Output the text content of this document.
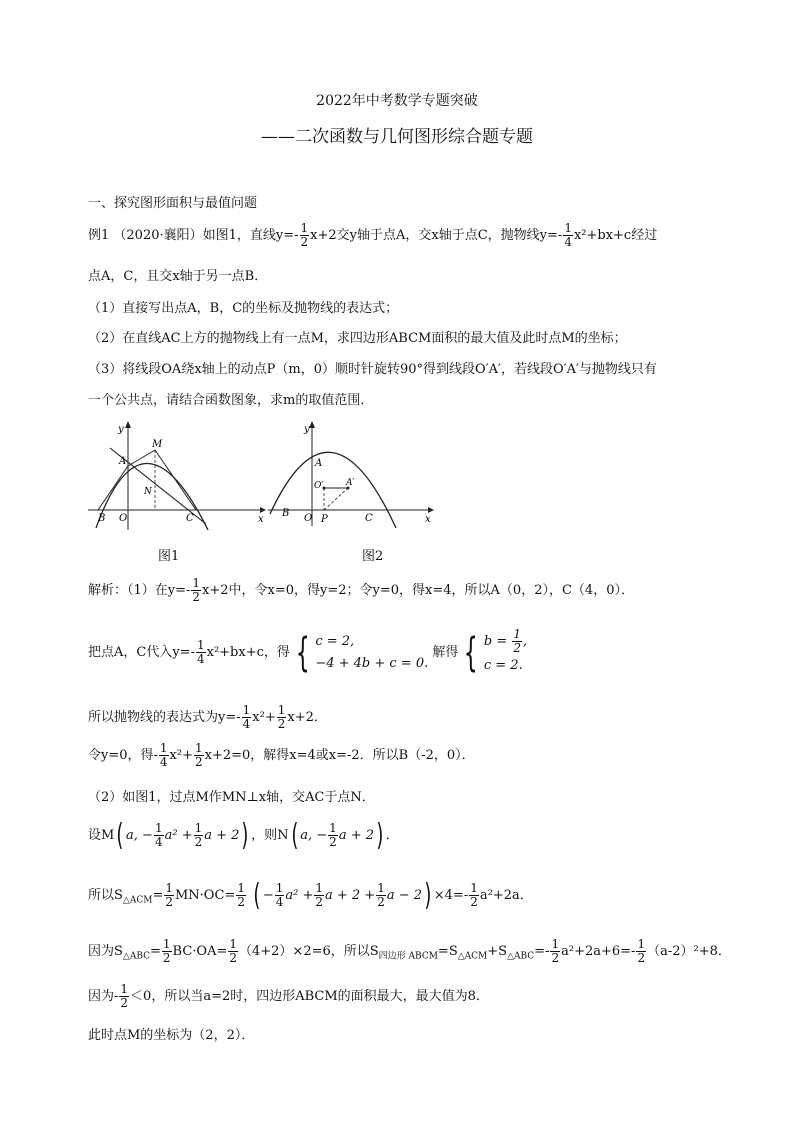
2022年中考数学专题突破
——二次函数与几何图形综合题专题
一、探究图形面积与最值问题
例1 （2020·襄阳）如图1，直线$y=- \frac{1}{2} x+2$交y轴于点A，交x轴于点C，抛物线$y=- \frac{1}{4} x^2+bx+c$经过
点A，C，且交x轴于另一点B．
（1）直接写出点A，B，C的坐标及抛物线的表达式；
（2）在直线AC上方的抛物线上有一点M，求四边形ABCM面积的最大值及此时点M的坐标；
（3）将线段OA绕x轴上的动点P（m，0）顺时针旋转90°得到线段O′A′，若线段O′A′与抛物线只有
一个公共点，请结合函数图象，求m的取值范围．
y
x
A
M
N
B O	C
y
x
A
O′	A′
B O P	C
图1	图2
解析：（1）在$y=- \frac{1}{2} x+2$中，令x=0，得y=2；令y=0，得x=4，所以A（0，2），C（4，0）．
把点A，C代入$y=- \frac{1}{4} x^2+bx+c$，得 { c = 2,
−4 + 4b + c = 0.
解得 { $b = \frac{1}{2}$ ,
c = 2.
所以抛物线的表达式为$y=- \frac{1}{4} x^2+ \frac{1}{2} x+2$．
令y=0，得- $\frac{1}{4} x^2+ \frac{1}{2} x+2=0$，解得x=4或x=-2．所以B（-2，0）．
（2）如图1，过点M作MN⊥x轴，交AC于点N．
设M( a, − $\frac{1}{4} a^2 + \frac{1}{2}$ a + 2) ，则N( a, − $\frac{1}{2}$ a + 2) ．
所以$S_{\triangle ACM}= \frac{1}{2} MN\cdot OC= \frac{1}{2}$ ( − $\frac{1}{4} a^2 + \frac{1}{2}$ $a + 2 + \frac{1}{2}$ $a - 2) \times 4=- \frac{1}{2} a^2+2a$．
因为$S_{\triangle ABC}= \frac{1}{2} BC\cdot OA= \frac{1}{2} (4+2)\times 2=6$，所以$S_{四边形 ABCM}=S_{\triangle ACM}+S_{\triangle ABC}=- \frac{1}{2} a^2+2a+6=- \frac{1}{2} (a-2)^2+8$．
因为- $\frac{1}{2} <0$，所以当a=2时，四边形ABCM的面积最大，最大值为8．
此时点M的坐标为（2，2）．
